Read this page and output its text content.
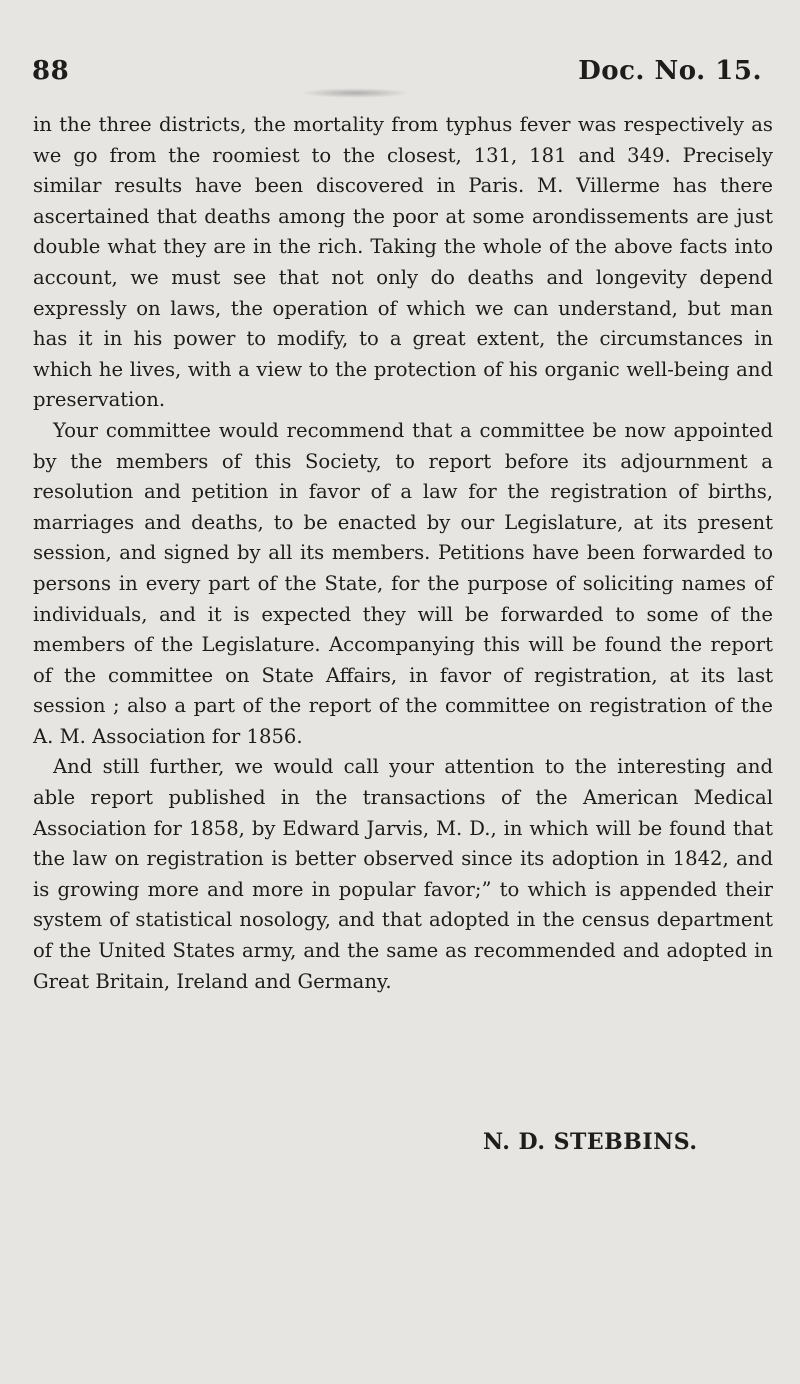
88	Doc. No. 15.

in the three districts, the mortality from typhus fever was respectively as we go from the roomiest to the closest, 131, 181 and 349. Precisely similar results have been discovered in Paris. M. Villerme has there ascertained that deaths among the poor at some arondissements are just double what they are in the rich. Taking the whole of the above facts into account, we must see that not only do deaths and longevity depend expressly on laws, the operation of which we can understand, but man has it in his power to modify, to a great extent, the circumstances in which he lives, with a view to the protection of his organic well-being and preservation.

Your committee would recommend that a committee be now appointed by the members of this Society, to report before its adjournment a resolution and petition in favor of a law for the registration of births, marriages and deaths, to be enacted by our Legislature, at its present session, and signed by all its members. Petitions have been forwarded to persons in every part of the State, for the purpose of soliciting names of individuals, and it is expected they will be forwarded to some of the members of the Legislature. Accompanying this will be found the report of the committee on State Affairs, in favor of registration, at its last session ; also a part of the report of the committee on registration of the A. M. Association for 1856.

And still further, we would call your attention to the interesting and able report published in the transactions of the American Medical Association for 1858, by Edward Jarvis, M. D., in which will be found that the law on registration is better observed since its adoption in 1842, and is growing more and more in popular favor;” to which is appended their system of statistical nosology, and that adopted in the census department of the United States army, and the same as recommended and adopted in Great Britain, Ireland and Germany.

N. D. STEBBINS.
